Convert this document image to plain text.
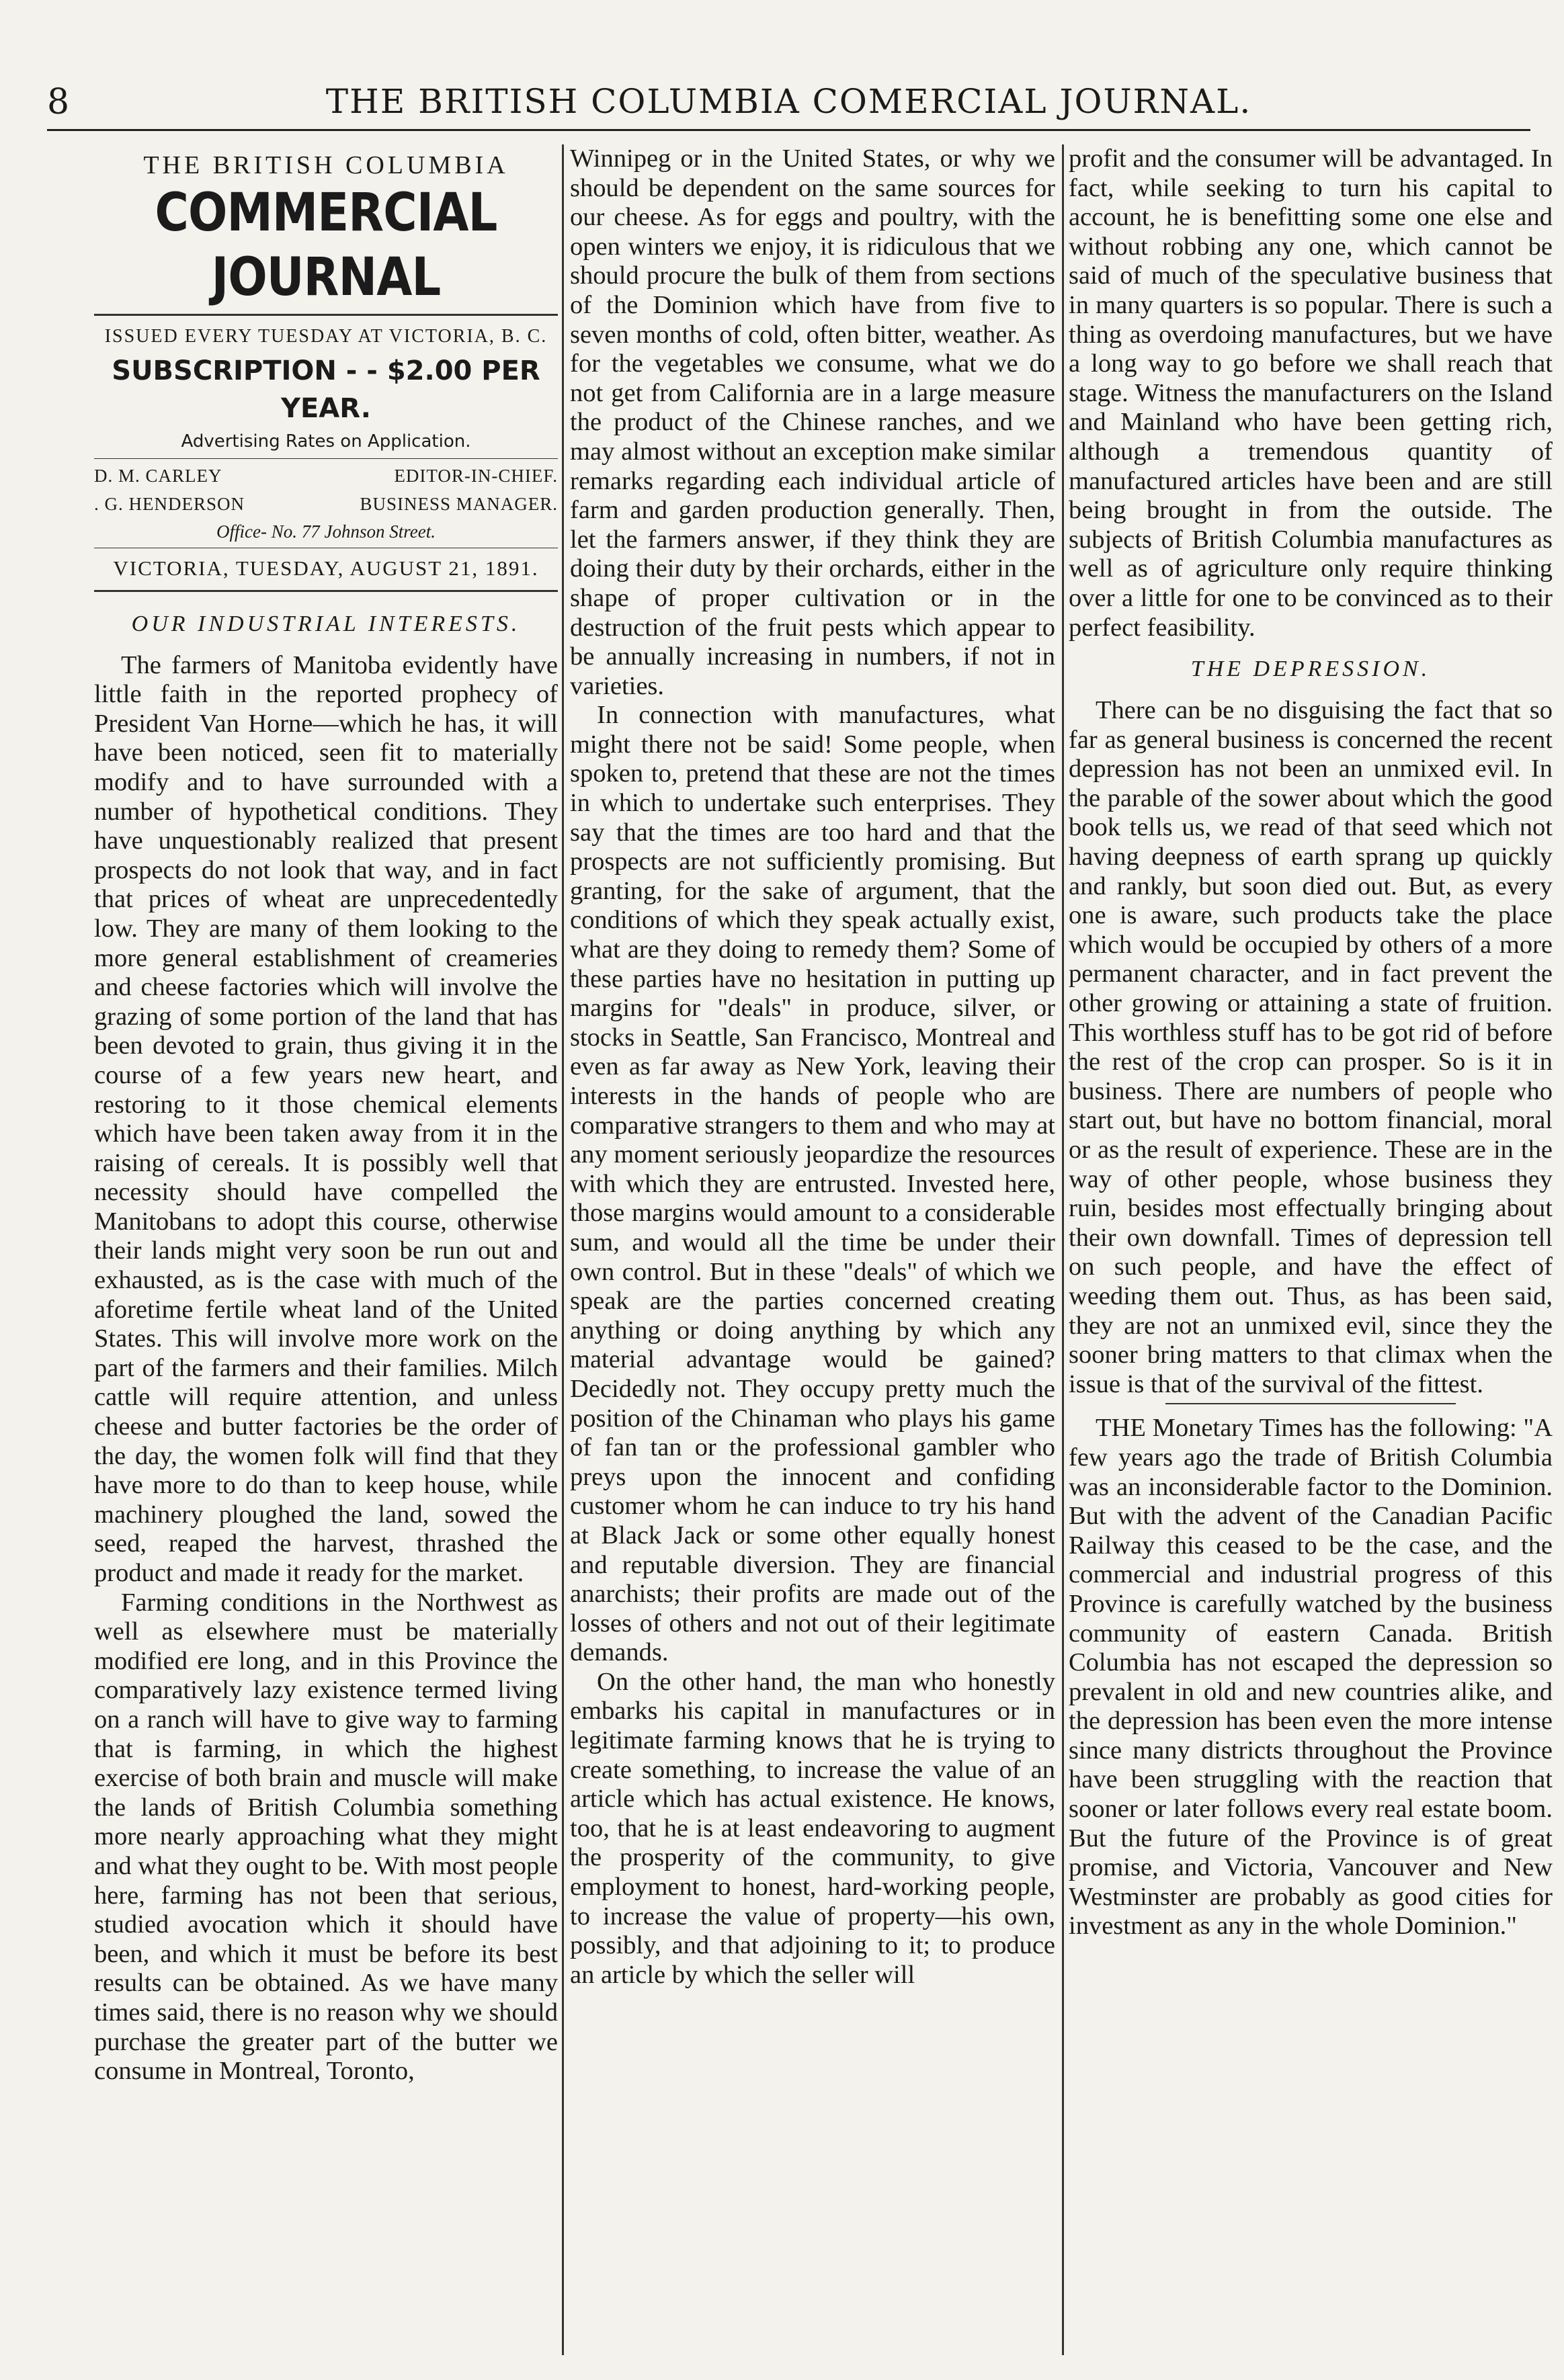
8	THE BRITISH COLUMBIA COMERCIAL JOURNAL.
THE BRITISH COLUMBIA
COMMERCIAL JOURNAL
ISSUED EVERY TUESDAY AT VICTORIA, B. C.
SUBSCRIPTION - - $2.00 PER YEAR.
Advertising Rates on Application.
D. M. CARLEY	EDITOR-IN-CHIEF.
. G. HENDERSON	BUSINESS MANAGER.
Office- No. 77 Johnson Street.
VICTORIA, TUESDAY, AUGUST 21, 1891.
OUR INDUSTRIAL INTERESTS.

The farmers of Manitoba evidently have little faith in the reported prophecy of President Van Horne—which he has, it will have been noticed, seen fit to materially modify and to have surrounded with a number of hypothetical conditions. They have unquestionably realized that present prospects do not look that way, and in fact that prices of wheat are unprecedentedly low. They are many of them looking to the more general establishment of creameries and cheese factories which will involve the grazing of some portion of the land that has been devoted to grain, thus giving it in the course of a few years new heart, and restoring to it those chemical elements which have been taken away from it in the raising of cereals. It is possibly well that necessity should have compelled the Manitobans to adopt this course, otherwise their lands might very soon be run out and exhausted, as is the case with much of the aforetime fertile wheat land of the United States. This will involve more work on the part of the farmers and their families. Milch cattle will require attention, and unless cheese and butter factories be the order of the day, the women folk will find that they have more to do than to keep house, while machinery ploughed the land, sowed the seed, reaped the harvest, thrashed the product and made it ready for the market.

Farming conditions in the Northwest as well as elsewhere must be materially modified ere long, and in this Province the comparatively lazy existence termed living on a ranch will have to give way to farming that is farming, in which the highest exercise of both brain and muscle will make the lands of British Columbia something more nearly approaching what they might and what they ought to be. With most people here, farming has not been that serious, studied avocation which it should have been, and which it must be before its best results can be obtained. As we have many times said, there is no reason why we should purchase the greater part of the butter we consume in Montreal, Toronto,

Winnipeg or in the United States, or why we should be dependent on the same sources for our cheese. As for eggs and poultry, with the open winters we enjoy, it is ridiculous that we should procure the bulk of them from sections of the Dominion which have from five to seven months of cold, often bitter, weather. As for the vegetables we consume, what we do not get from California are in a large measure the product of the Chinese ranches, and we may almost without an exception make similar remarks regarding each individual article of farm and garden production generally. Then, let the farmers answer, if they think they are doing their duty by their orchards, either in the shape of proper cultivation or in the destruction of the fruit pests which appear to be annually increasing in numbers, if not in varieties.

In connection with manufactures, what might there not be said! Some people, when spoken to, pretend that these are not the times in which to undertake such enterprises. They say that the times are too hard and that the prospects are not sufficiently promising. But granting, for the sake of argument, that the conditions of which they speak actually exist, what are they doing to remedy them? Some of these parties have no hesitation in putting up margins for "deals" in produce, silver, or stocks in Seattle, San Francisco, Montreal and even as far away as New York, leaving their interests in the hands of people who are comparative strangers to them and who may at any moment seriously jeopardize the resources with which they are entrusted. Invested here, those margins would amount to a considerable sum, and would all the time be under their own control. But in these "deals" of which we speak are the parties concerned creating anything or doing anything by which any material advantage would be gained? Decidedly not. They occupy pretty much the position of the Chinaman who plays his game of fan tan or the professional gambler who preys upon the innocent and confiding customer whom he can induce to try his hand at Black Jack or some other equally honest and reputable diversion. They are financial anarchists; their profits are made out of the losses of others and not out of their legitimate demands.

On the other hand, the man who honestly embarks his capital in manufactures or in legitimate farming knows that he is trying to create something, to increase the value of an article which has actual existence. He knows, too, that he is at least endeavoring to augment the prosperity of the community, to give employment to honest, hard-working people, to increase the value of property—his own, possibly, and that adjoining to it; to produce an article by which the seller will

profit and the consumer will be advantaged. In fact, while seeking to turn his capital to account, he is benefitting some one else and without robbing any one, which cannot be said of much of the speculative business that in many quarters is so popular. There is such a thing as overdoing manufactures, but we have a long way to go before we shall reach that stage. Witness the manufacturers on the Island and Mainland who have been getting rich, although a tremendous quantity of manufactured articles have been and are still being brought in from the outside. The subjects of British Columbia manufactures as well as of agriculture only require thinking over a little for one to be convinced as to their perfect feasibility.

THE DEPRESSION.

There can be no disguising the fact that so far as general business is concerned the recent depression has not been an unmixed evil. In the parable of the sower about which the good book tells us, we read of that seed which not having deepness of earth sprang up quickly and rankly, but soon died out. But, as every one is aware, such products take the place which would be occupied by others of a more permanent character, and in fact prevent the other growing or attaining a state of fruition. This worthless stuff has to be got rid of before the rest of the crop can prosper. So is it in business. There are numbers of people who start out, but have no bottom financial, moral or as the result of experience. These are in the way of other people, whose business they ruin, besides most effectually bringing about their own downfall. Times of depression tell on such people, and have the effect of weeding them out. Thus, as has been said, they are not an unmixed evil, since they the sooner bring matters to that climax when the issue is that of the survival of the fittest.

THE Monetary Times has the following: "A few years ago the trade of British Columbia was an inconsiderable factor to the Dominion. But with the advent of the Canadian Pacific Railway this ceased to be the case, and the commercial and industrial progress of this Province is carefully watched by the business community of eastern Canada. British Columbia has not escaped the depression so prevalent in old and new countries alike, and the depression has been even the more intense since many districts throughout the Province have been struggling with the reaction that sooner or later follows every real estate boom. But the future of the Province is of great promise, and Victoria, Vancouver and New Westminster are probably as good cities for investment as any in the whole Dominion."
